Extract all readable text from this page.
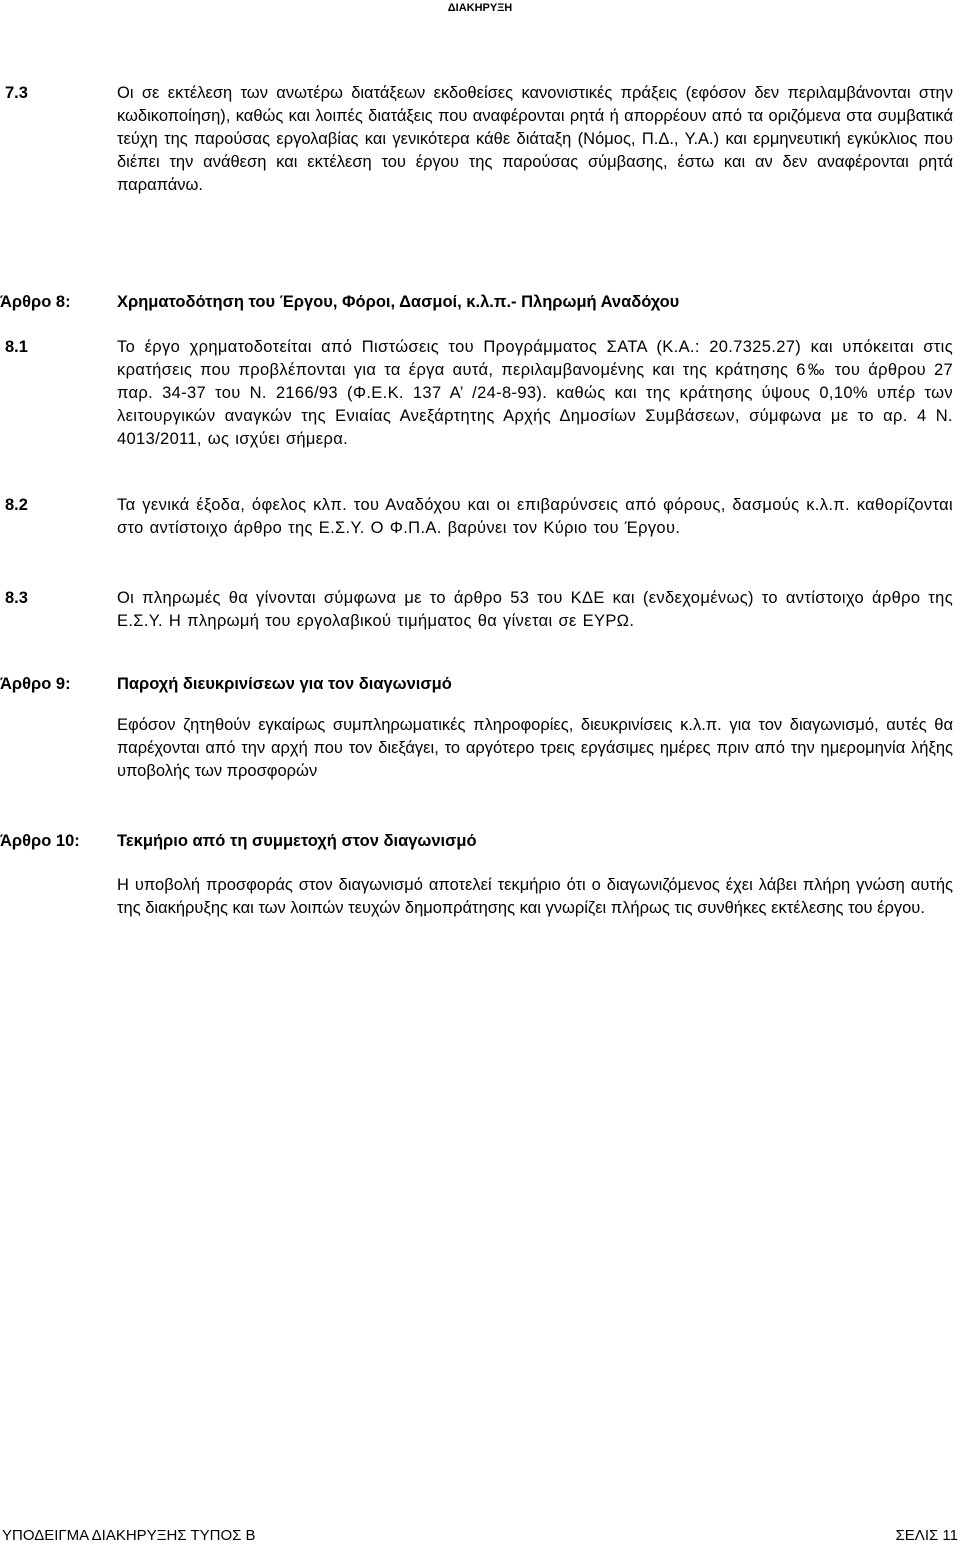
ΔΙΑΚΗΡΥΞΗ
7.3	Οι σε εκτέλεση των ανωτέρω διατάξεων εκδοθείσες κανονιστικές πράξεις (εφόσον δεν περιλαμβάνονται στην κωδικοποίηση), καθώς και λοιπές διατάξεις που αναφέρονται ρητά ή απορρέουν από τα οριζόμενα στα συμβατικά τεύχη της παρούσας εργολαβίας και γενικότερα κάθε διάταξη (Νόμος, Π.Δ., Υ.Α.) και ερμηνευτική εγκύκλιος που διέπει την ανάθεση και εκτέλεση του έργου της παρούσας σύμβασης, έστω και αν δεν αναφέρονται ρητά παραπάνω.
Άρθρο 8:	Χρηματοδότηση του Έργου, Φόροι, Δασμοί, κ.λ.π.- Πληρωμή Αναδόχου
8.1	Το έργο χρηματοδοτείται από Πιστώσεις του Προγράμματος ΣΑΤΑ (Κ.Α.: 20.7325.27) και υπόκειται στις κρατήσεις που προβλέπονται για τα έργα αυτά, περιλαμβανομένης και της κράτησης 6‰ του άρθρου 27 παρ. 34-37 του Ν. 2166/93 (Φ.Ε.Κ. 137 Α’ /24-8-93). καθώς και της κράτησης ύψους 0,10% υπέρ των λειτουργικών αναγκών της Ενιαίας Ανεξάρτητης Αρχής Δημοσίων Συμβάσεων, σύμφωνα με το αρ. 4 Ν. 4013/2011, ως ισχύει σήμερα.
8.2	Τα γενικά έξοδα, όφελος κλπ. του Αναδόχου και οι επιβαρύνσεις από φόρους, δασμούς κ.λ.π. καθορίζονται στο αντίστοιχο άρθρο της Ε.Σ.Υ. Ο Φ.Π.Α. βαρύνει τον Κύριο του Έργου.
8.3	Οι πληρωμές θα γίνονται σύμφωνα με το άρθρο 53 του ΚΔΕ και (ενδεχομένως) το αντίστοιχο άρθρο της Ε.Σ.Υ. Η πληρωμή του εργολαβικού τιμήματος θα γίνεται σε ΕΥΡΩ.
Άρθρο 9:	Παροχή διευκρινίσεων για τον διαγωνισμό
Εφόσον ζητηθούν εγκαίρως συμπληρωματικές πληροφορίες, διευκρινίσεις κ.λ.π. για τον διαγωνισμό, αυτές θα παρέχονται από την αρχή που τον διεξάγει, το αργότερο τρεις εργάσιμες ημέρες πριν από την ημερομηνία λήξης υποβολής των προσφορών
Άρθρο 10: Τεκμήριο από τη συμμετοχή στον διαγωνισμό
Η υποβολή προσφοράς στον διαγωνισμό αποτελεί τεκμήριο ότι ο διαγωνιζόμενος έχει λάβει πλήρη γνώση αυτής της διακήρυξης και των λοιπών τευχών δημοπράτησης και γνωρίζει πλήρως τις συνθήκες εκτέλεσης του έργου.
ΥΠΟΔΕΙΓΜΑ ΔΙΑΚΗΡΥΞΗΣ ΤΥΠΟΣ Β	ΣΕΛΙΣ 11
